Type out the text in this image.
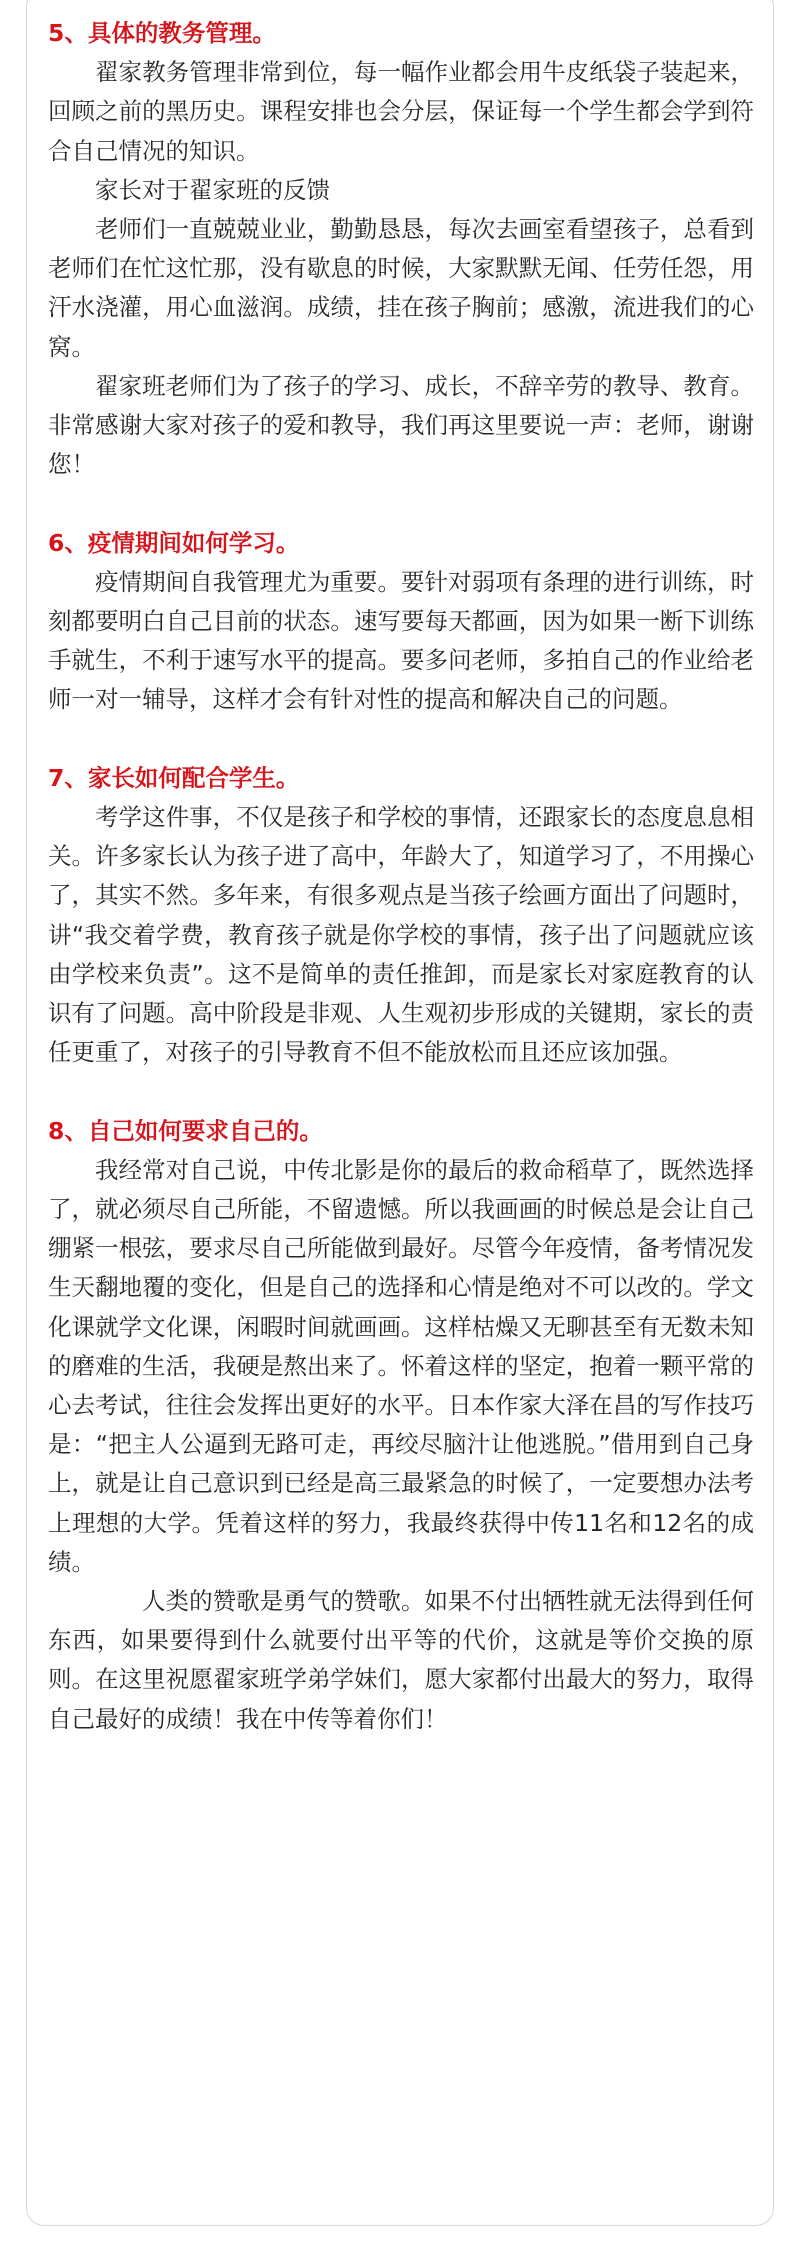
5、具体的教务管理。

翟家教务管理非常到位，每一幅作业都会用牛皮纸袋子装起来，回顾之前的黑历史。课程安排也会分层，保证每一个学生都会学到符合自己情况的知识。

家长对于翟家班的反馈

老师们一直兢兢业业，勤勤恳恳，每次去画室看望孩子，总看到老师们在忙这忙那，没有歇息的时候，大家默默无闻、任劳任怨，用汗水浇灌，用心血滋润。成绩，挂在孩子胸前；感激，流进我们的心窝。

翟家班老师们为了孩子的学习、成长，不辞辛劳的教导、教育。非常感谢大家对孩子的爱和教导，我们再这里要说一声：老师，谢谢您！

6、疫情期间如何学习。

疫情期间自我管理尤为重要。要针对弱项有条理的进行训练，时刻都要明白自己目前的状态。速写要每天都画，因为如果一断下训练手就生，不利于速写水平的提高。要多问老师，多拍自己的作业给老师一对一辅导，这样才会有针对性的提高和解决自己的问题。

7、家长如何配合学生。

考学这件事，不仅是孩子和学校的事情，还跟家长的态度息息相关。许多家长认为孩子进了高中，年龄大了，知道学习了，不用操心了，其实不然。多年来，有很多观点是当孩子绘画方面出了问题时，讲“我交着学费，教育孩子就是你学校的事情，孩子出了问题就应该由学校来负责”。这不是简单的责任推卸，而是家长对家庭教育的认识有了问题。高中阶段是非观、人生观初步形成的关键期，家长的责任更重了，对孩子的引导教育不但不能放松而且还应该加强。

8、自己如何要求自己的。

我经常对自己说，中传北影是你的最后的救命稻草了，既然选择了，就必须尽自己所能，不留遗憾。所以我画画的时候总是会让自己绷紧一根弦，要求尽自己所能做到最好。尽管今年疫情，备考情况发生天翻地覆的变化，但是自己的选择和心情是绝对不可以改的。学文化课就学文化课，闲暇时间就画画。这样枯燥又无聊甚至有无数未知的磨难的生活，我硬是熬出来了。怀着这样的坚定，抱着一颗平常的心去考试，往往会发挥出更好的水平。日本作家大泽在昌的写作技巧是：“把主人公逼到无路可走，再绞尽脑汁让他逃脱。”借用到自己身上，就是让自己意识到已经是高三最紧急的时候了，一定要想办法考上理想的大学。凭着这样的努力，我最终获得中传11名和12名的成绩。

人类的赞歌是勇气的赞歌。如果不付出牺牲就无法得到任何东西，如果要得到什么就要付出平等的代价，这就是等价交换的原则。在这里祝愿翟家班学弟学妹们，愿大家都付出最大的努力，取得自己最好的成绩！我在中传等着你们！
